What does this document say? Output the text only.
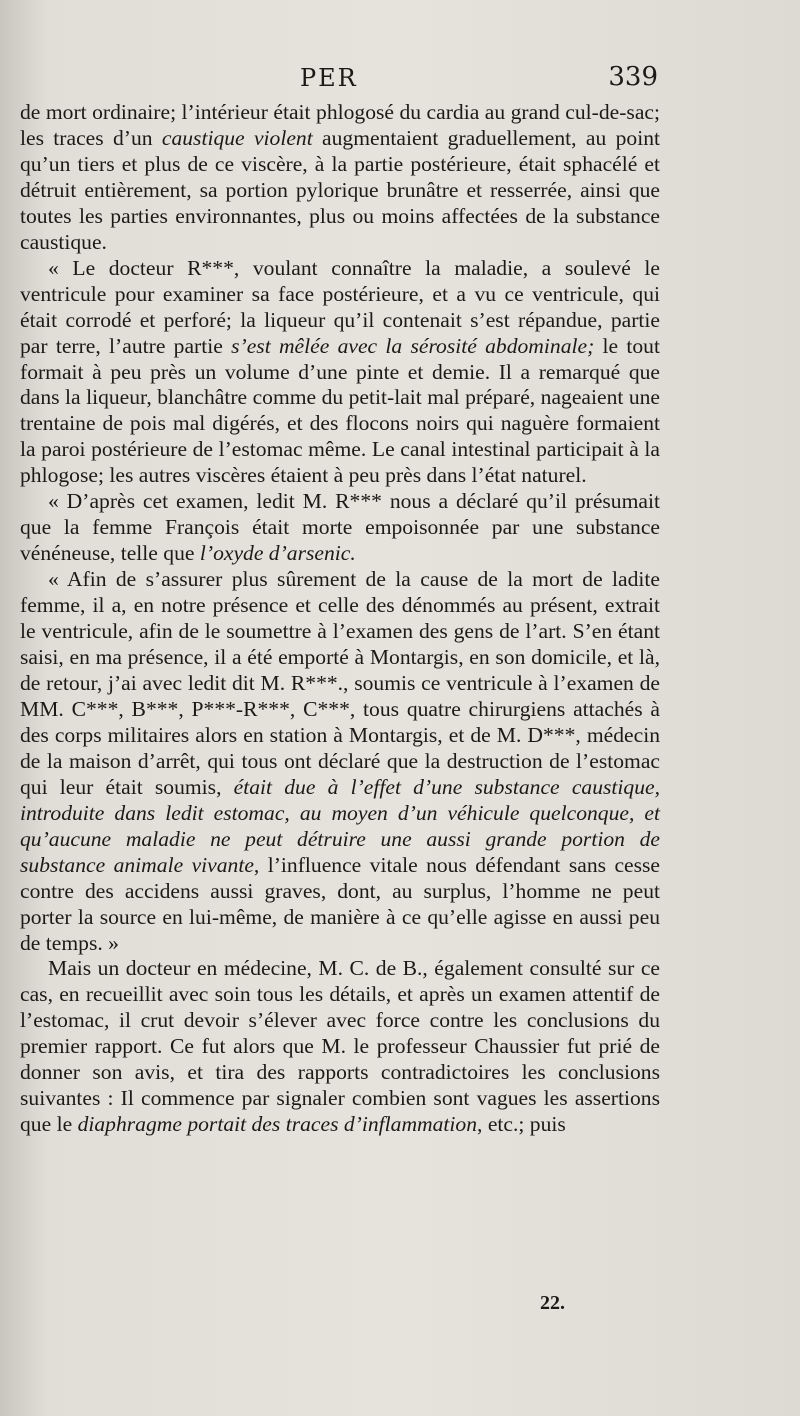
PER	339

de mort ordinaire; l’intérieur était phlogosé du cardia au grand cul-de-sac; les traces d’un caustique violent augmentaient graduellement, au point qu’un tiers et plus de ce viscère, à la partie postérieure, était sphacélé et détruit entièrement, sa portion pylorique brunâtre et resserrée, ainsi que toutes les parties environnantes, plus ou moins affectées de la substance caustique.

« Le docteur R***, voulant connaître la maladie, a soulevé le ventricule pour examiner sa face postérieure, et a vu ce ventricule, qui était corrodé et perforé; la liqueur qu’il contenait s’est répandue, partie par terre, l’autre partie s’est mêlée avec la sérosité abdominale; le tout formait à peu près un volume d’une pinte et demie. Il a remarqué que dans la liqueur, blanchâtre comme du petit-lait mal préparé, nageaient une trentaine de pois mal digérés, et des flocons noirs qui naguère formaient la paroi postérieure de l’estomac même. Le canal intestinal participait à la phlogose; les autres viscères étaient à peu près dans l’état naturel.

« D’après cet examen, ledit M. R*** nous a déclaré qu’il présumait que la femme François était morte empoisonnée par une substance vénéneuse, telle que l’oxyde d’arsenic.

« Afin de s’assurer plus sûrement de la cause de la mort de ladite femme, il a, en notre présence et celle des dénommés au présent, extrait le ventricule, afin de le soumettre à l’examen des gens de l’art. S’en étant saisi, en ma présence, il a été emporté à Montargis, en son domicile, et là, de retour, j’ai avec ledit dit M. R***., soumis ce ventricule à l’examen de MM. C***, B***, P***-R***, C***, tous quatre chirurgiens attachés à des corps militaires alors en station à Montargis, et de M. D***, médecin de la maison d’arrêt, qui tous ont déclaré que la destruction de l’estomac qui leur était soumis, était due à l’effet d’une substance caustique, introduite dans ledit estomac, au moyen d’un véhicule quelconque, et qu’aucune maladie ne peut détruire une aussi grande portion de substance animale vivante, l’influence vitale nous défendant sans cesse contre des accidens aussi graves, dont, au surplus, l’homme ne peut porter la source en lui-même, de manière à ce qu’elle agisse en aussi peu de temps. »

Mais un docteur en médecine, M. C. de B., également consulté sur ce cas, en recueillit avec soin tous les détails, et après un examen attentif de l’estomac, il crut devoir s’élever avec force contre les conclusions du premier rapport. Ce fut alors que M. le professeur Chaussier fut prié de donner son avis, et tira des rapports contradictoires les conclusions suivantes : Il commence par signaler combien sont vagues les assertions que le diaphragme portait des traces d’inflammation, etc.; puis

22.
